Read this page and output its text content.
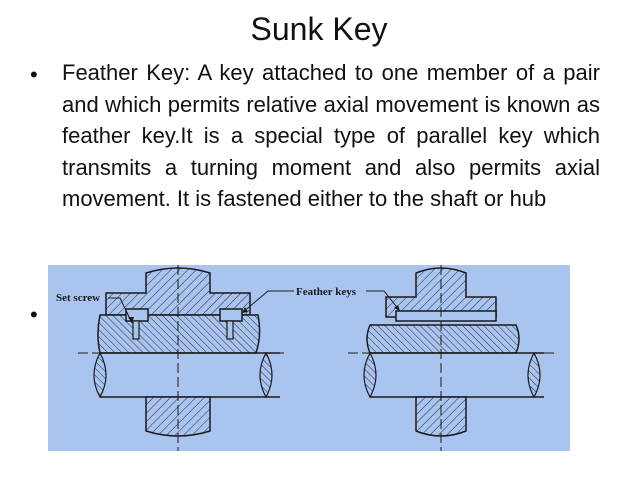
Sunk Key
• Feather Key: A key attached to one member of a pair and which permits relative axial movement is known as feather key.It is a special type of parallel key which transmits a turning moment and also permits axial movement. It is fastened either to the shaft or hub
•
Set screw	Feather keys
